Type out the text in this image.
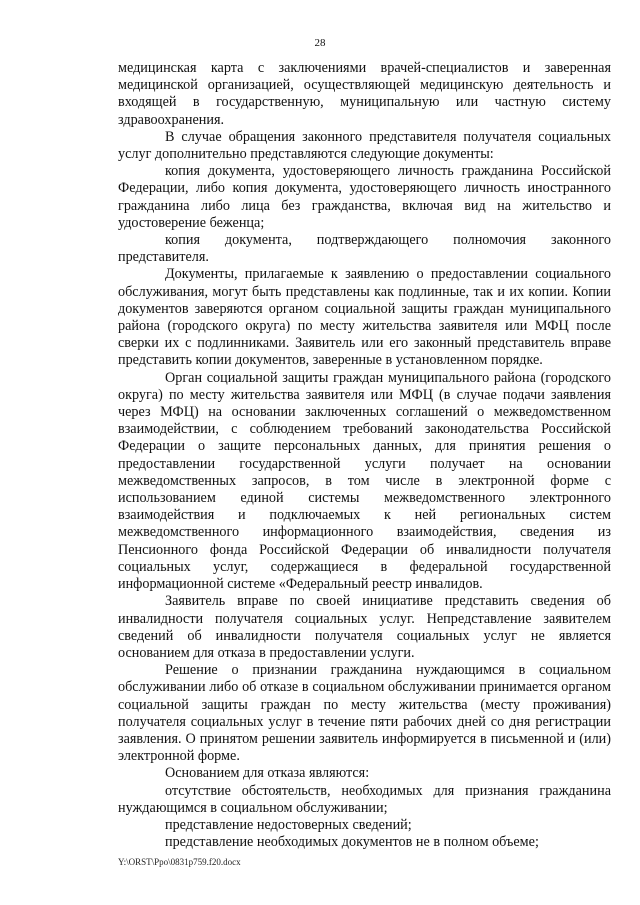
28

медицинская карта с заключениями врачей-специалистов и заверенная медицинской организацией, осуществляющей медицинскую деятельность и входящей в государственную, муниципальную или частную систему здравоохранения.

В случае обращения законного представителя получателя социальных услуг дополнительно представляются следующие документы:

копия документа, удостоверяющего личность гражданина Российской Федерации, либо копия документа, удостоверяющего личность иностранного гражданина либо лица без гражданства, включая вид на жительство и удостоверение беженца;

копия документа, подтверждающего полномочия законного представителя.

Документы, прилагаемые к заявлению о предоставлении социального обслуживания, могут быть представлены как подлинные, так и их копии. Копии документов заверяются органом социальной защиты граждан муниципального района (городского округа) по месту жительства заявителя или МФЦ после сверки их с подлинниками. Заявитель или его законный представитель вправе представить копии документов, заверенные в установленном порядке.

Орган социальной защиты граждан муниципального района (городского округа) по месту жительства заявителя или МФЦ (в случае подачи заявления через МФЦ) на основании заключенных соглашений о межведомственном взаимодействии, с соблюдением требований законодательства Российской Федерации о защите персональных данных, для принятия решения о предоставлении государственной услуги получает на основании межведомственных запросов, в том числе в электронной форме с использованием единой системы межведомственного электронного взаимодействия и подключаемых к ней региональных систем межведомственного информационного взаимодействия, сведения из Пенсионного фонда Российской Федерации об инвалидности получателя социальных услуг, содержащиеся в федеральной государственной информационной системе «Федеральный реестр инвалидов.

Заявитель вправе по своей инициативе представить сведения об инвалидности получателя социальных услуг. Непредставление заявителем сведений об инвалидности получателя социальных услуг не является основанием для отказа в предоставлении услуги.

Решение о признании гражданина нуждающимся в социальном обслуживании либо об отказе в социальном обслуживании принимается органом социальной защиты граждан по месту жительства (месту проживания) получателя социальных услуг в течение пяти рабочих дней со дня регистрации заявления. О принятом решении заявитель информируется в письменной и (или) электронной форме.

Основанием для отказа являются:

отсутствие обстоятельств, необходимых для признания гражданина нуждающимся в социальном обслуживании;

представление недостоверных сведений;

представление необходимых документов не в полном объеме;

Y:\ORST\Ppo\0831p759.f20.docx
